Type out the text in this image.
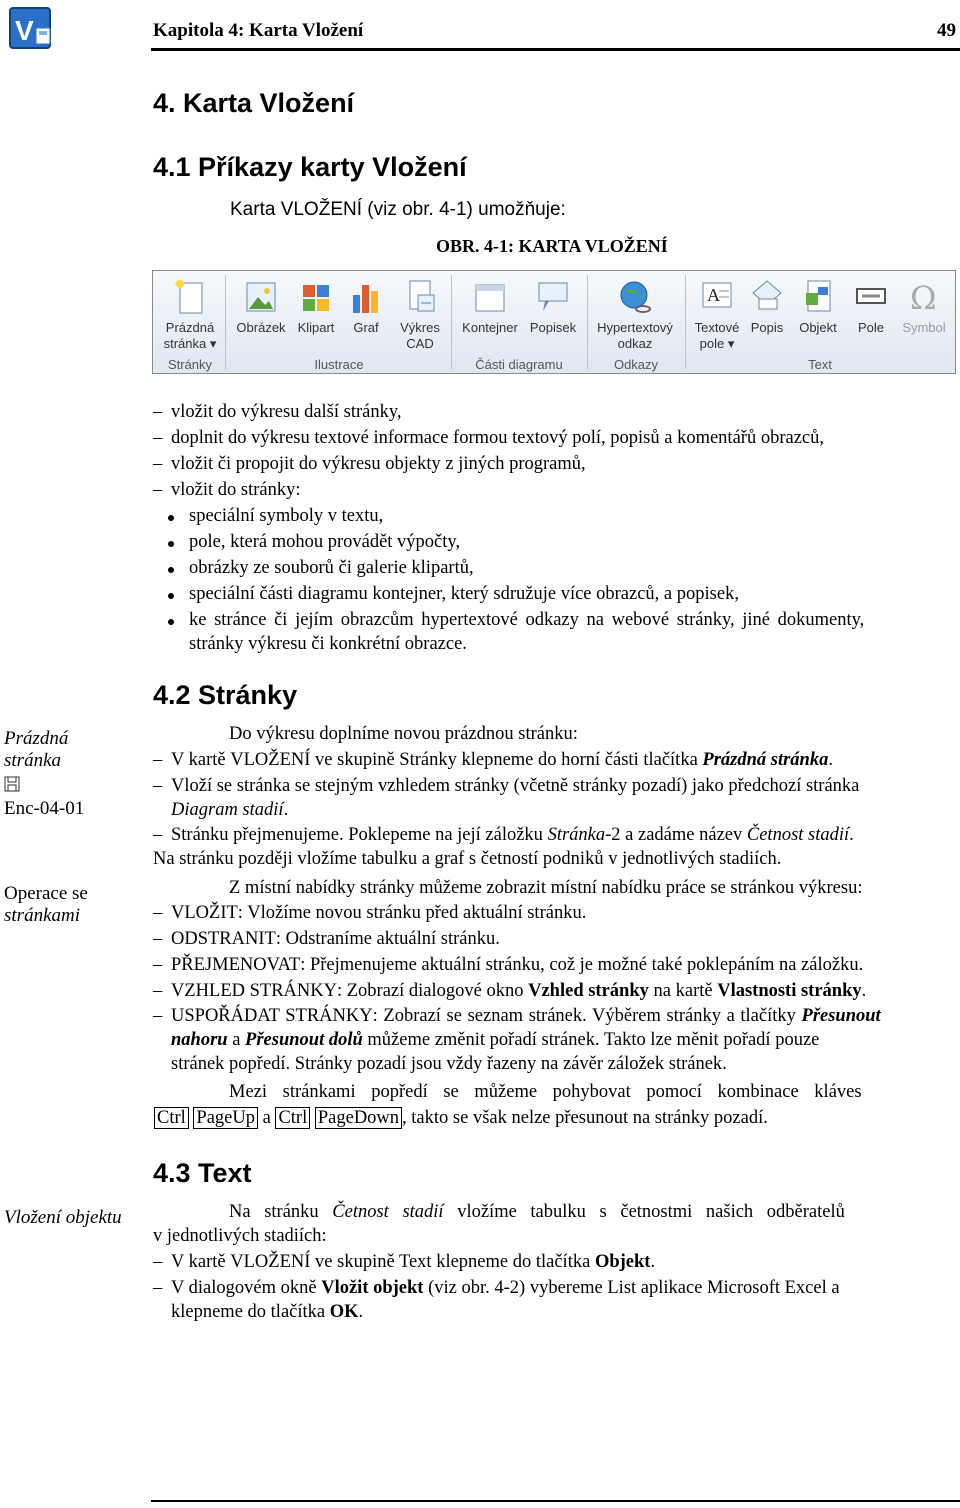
V	Kapitola 4: Karta Vložení	49
4. Karta Vložení
4.1 Příkazy karty Vložení
Karta VLOŽENÍ (viz obr. 4-1) umožňuje:
OBR. 4-1: KARTA VLOŽENÍ
Prázdná
stránka ▾
Obrázek Klipart	Graf	Výkres
CAD
Kontejner Popisek	Hypertextový
odkaz
A
Textové
pole ▾
Popis	Objekt	Pole
Ω
Symbol
Stránky	Ilustrace	Části diagramu	Odkazy	Text
– vložit do výkresu další stránky,
– doplnit do výkresu textové informace formou textový polí, popisů a komentářů obrazců,
– vložit či propojit do výkresu objekty z jiných programů,
– vložit do stránky:
speciální symboly v textu,
pole, která mohou provádět výpočty,
obrázky ze souborů či galerie klipartů,
speciální části diagramu kontejner, který sdružuje více obrazců, a popisek,
ke stránce či jejím obrazcům hypertextové odkazy na webové stránky, jiné dokumenty,
stránky výkresu či konkrétní obrazce.
Prázdná
stránka
Enc-04-01
Operace se
stránkami
Vložení objektu
4.2 Stránky
Do výkresu doplníme novou prázdnou stránku:
– V kartě VLOŽENÍ ve skupině Stránky klepneme do horní části tlačítka Prázdná stránka.
– Vloží se stránka se stejným vzhledem stránky (včetně stránky pozadí) jako předchozí stránka
Diagram stadií.
– Stránku přejmenujeme. Poklepeme na její záložku Stránka-2 a zadáme název Četnost stadií.
Na stránku později vložíme tabulku a graf s četností podniků v jednotlivých stadiích.
Z místní nabídky stránky můžeme zobrazit místní nabídku práce se stránkou výkresu:
– VLOŽIT: Vložíme novou stránku před aktuální stránku.
– ODSTRANIT: Odstraníme aktuální stránku.
– PŘEJMENOVAT: Přejmenujeme aktuální stránku, což je možné také poklepáním na záložku.
– VZHLED STRÁNKY: Zobrazí dialogové okno Vzhled stránky na kartě Vlastnosti stránky.
– USPOŘÁDAT STRÁNKY: Zobrazí se seznam stránek. Výběrem stránky a tlačítky Přesunout
nahoru a Přesunout dolů můžeme změnit pořadí stránek. Takto lze měnit pořadí pouze
stránek popředí. Stránky pozadí jsou vždy řazeny na závěr záložek stránek.
Mezi stránkami popředí se můžeme pohybovat pomocí kombinace kláves
Ctrl PageUp a Ctrl PageDown , takto se však nelze přesunout na stránky pozadí.
4.3 Text
Na stránku Četnost stadií vložíme tabulku s četnostmi našich odběratelů
v jednotlivých stadiích:
– V kartě VLOŽENÍ ve skupině Text klepneme do tlačítka Objekt.
– V dialogovém okně Vložit objekt (viz obr. 4-2) vybereme List aplikace Microsoft Excel a
klepneme do tlačítka OK.
